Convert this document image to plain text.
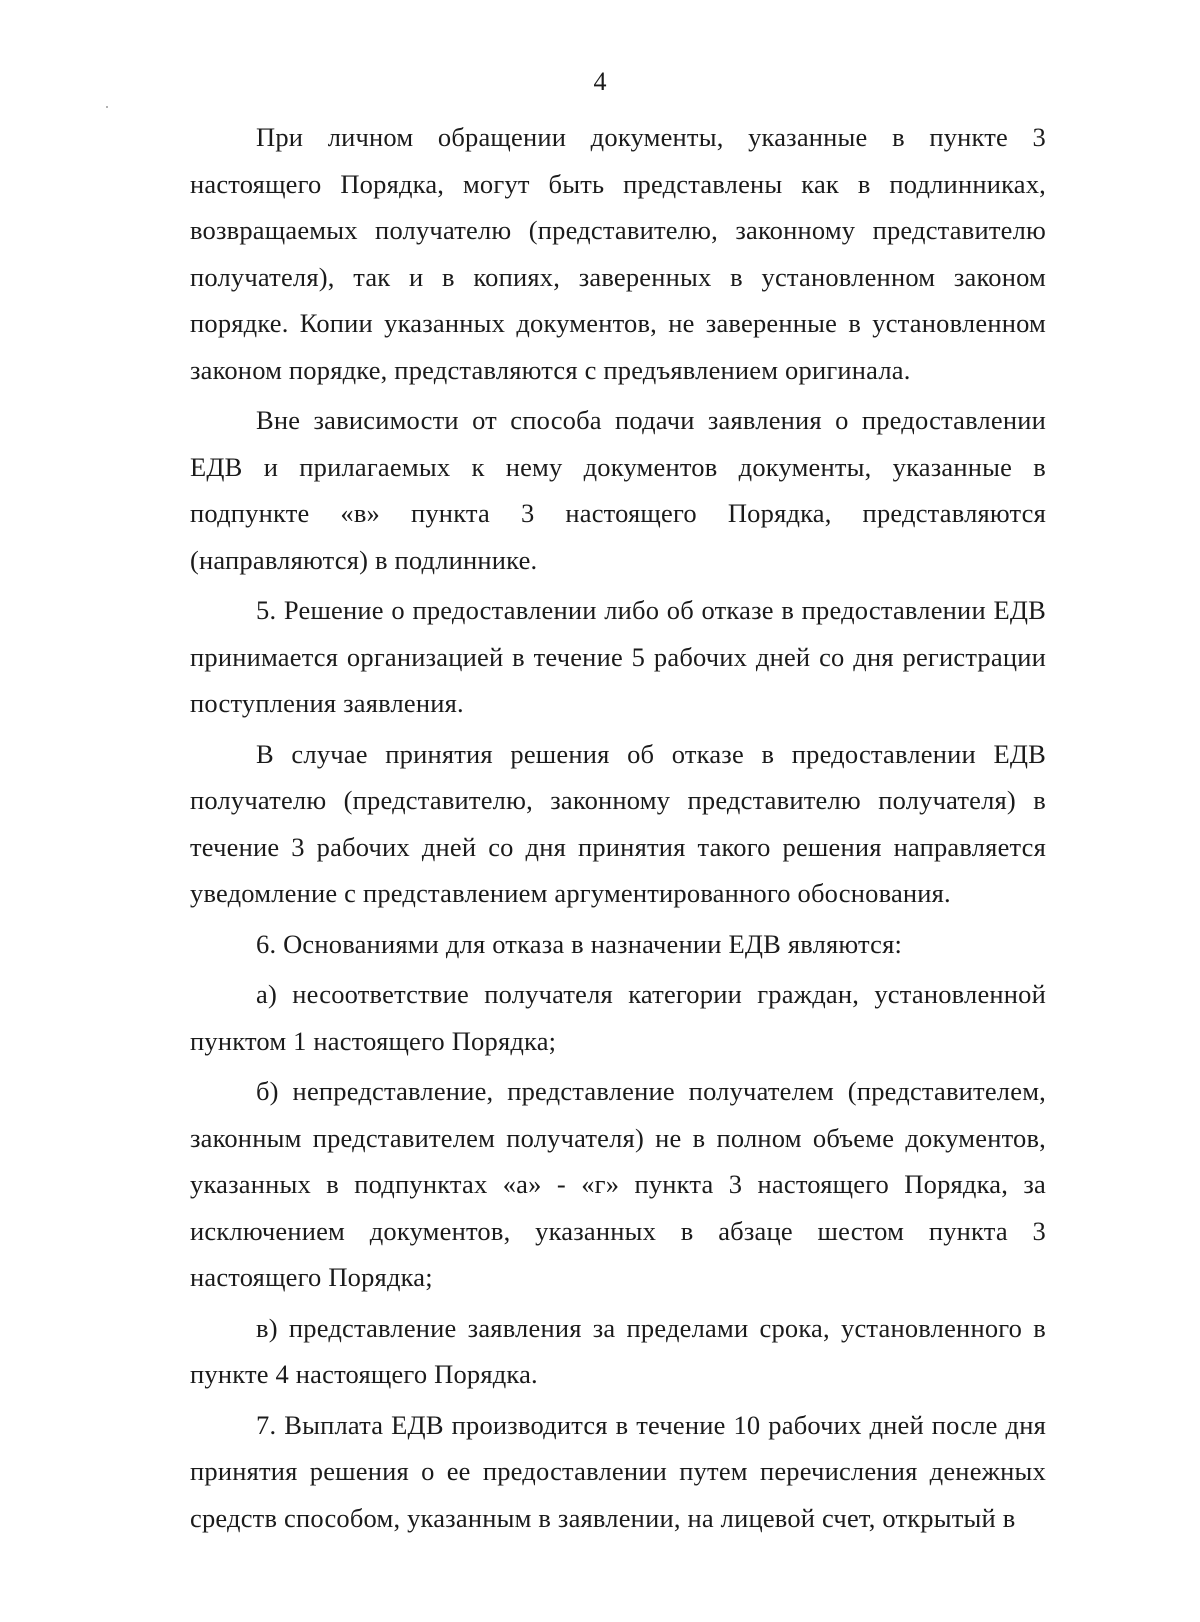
4

При личном обращении документы, указанные в пункте 3 настоящего Порядка, могут быть представлены как в подлинниках, возвращаемых получателю (представителю, законному представителю получателя), так и в копиях, заверенных в установленном законом порядке. Копии указанных документов, не заверенные в установленном законом порядке, представляются с предъявлением оригинала.

Вне зависимости от способа подачи заявления о предоставлении ЕДВ и прилагаемых к нему документов документы, указанные в подпункте «в» пункта 3 настоящего Порядка, представляются (направляются) в подлиннике.

5. Решение о предоставлении либо об отказе в предоставлении ЕДВ принимается организацией в течение 5 рабочих дней со дня регистрации поступления заявления.

В случае принятия решения об отказе в предоставлении ЕДВ получателю (представителю, законному представителю получателя) в течение 3 рабочих дней со дня принятия такого решения направляется уведомление с представлением аргументированного обоснования.

6. Основаниями для отказа в назначении ЕДВ являются:

а) несоответствие получателя категории граждан, установленной пунктом 1 настоящего Порядка;

б) непредставление, представление получателем (представителем, законным представителем получателя) не в полном объеме документов, указанных в подпунктах «а» - «г» пункта 3 настоящего Порядка, за исключением документов, указанных в абзаце шестом пункта 3 настоящего Порядка;

в) представление заявления за пределами срока, установленного в пункте 4 настоящего Порядка.

7. Выплата ЕДВ производится в течение 10 рабочих дней после дня принятия решения о ее предоставлении путем перечисления денежных средств способом, указанным в заявлении, на лицевой счет, открытый в
